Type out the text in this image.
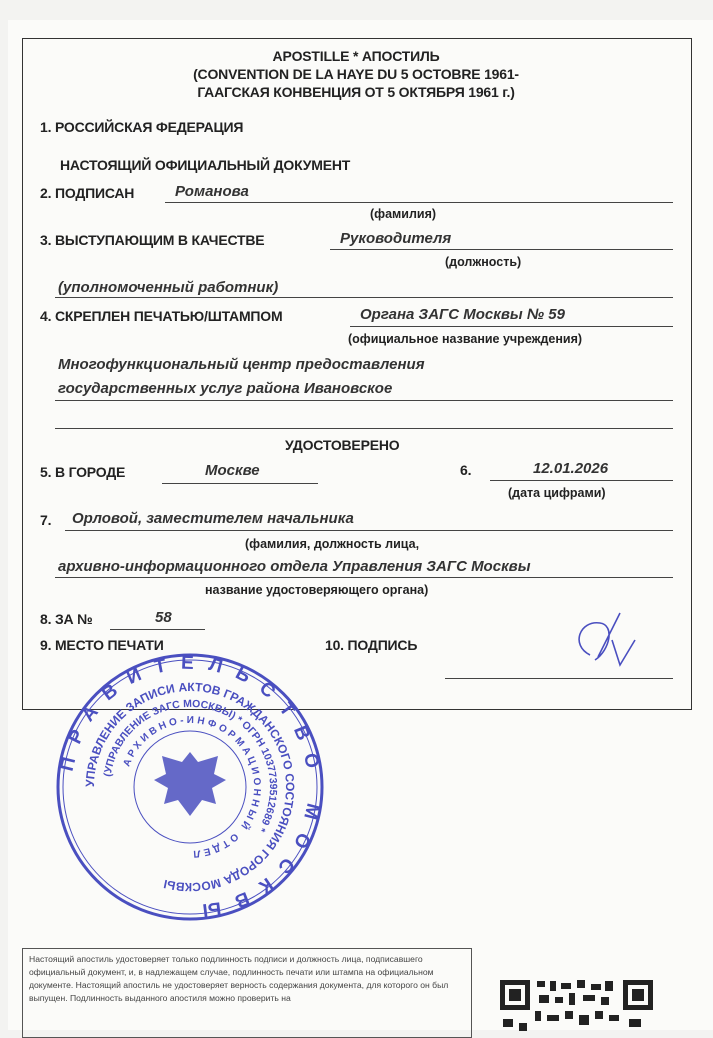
APOSTILLE * АПОСТИЛЬ
(CONVENTION DE LA HAYE DU 5 OCTOBRE 1961-
ГААГСКАЯ КОНВЕНЦИЯ ОТ 5 ОКТЯБРЯ 1961 г.)
1. РОССИЙСКАЯ ФЕДЕРАЦИЯ
НАСТОЯЩИЙ ОФИЦИАЛЬНЫЙ ДОКУМЕНТ
2. ПОДПИСАН	Романова
(фамилия)
3. ВЫСТУПАЮЩИМ В КАЧЕСТВЕ	Руководителя
(должность)
(уполномоченный работник)
4. СКРЕПЛЕН ПЕЧАТЬЮ/ШТАМПОМ	Органа ЗАГС Москвы № 59
(официальное название учреждения)
Многофункциональный центр предоставления
государственных услуг района Ивановское
УДОСТОВЕРЕНО
5. В ГОРОДЕ	Москве	6.	12.01.2026
(дата цифрами)
7. Орловой, заместителем начальника
(фамилия, должность лица,
архивно-информационного отдела Управления ЗАГС Москвы
название удостоверяющего органа)
8. ЗА №	58
9. МЕСТО ПЕЧАТИ	10. ПОДПИСЬ
ПРАВИТЕЛЬСТВО МОСКВЫ
УПРАВЛЕНИЕ ЗАПИСИ АКТОВ ГРАЖДАНСКОГО СОСТОЯНИЯ ГОРОДА МОСКВЫ
(УПРАВЛЕНИЕ ЗАГС МОСКВЫ) * ОГРН 1037739512689 *
АРХИВНО-ИНФОРМАЦИОННЫЙ ОТДЕЛ
Настоящий апостиль удостоверяет только подлинность подписи и должность лица, подписавшего официальный документ, и, в надлежащем случае, подлинность печати или штампа на официальном документе. Настоящий апостиль не удостоверяет верность содержания документа, для которого он был выпущен. Подлинность выданного апостиля можно проверить на
